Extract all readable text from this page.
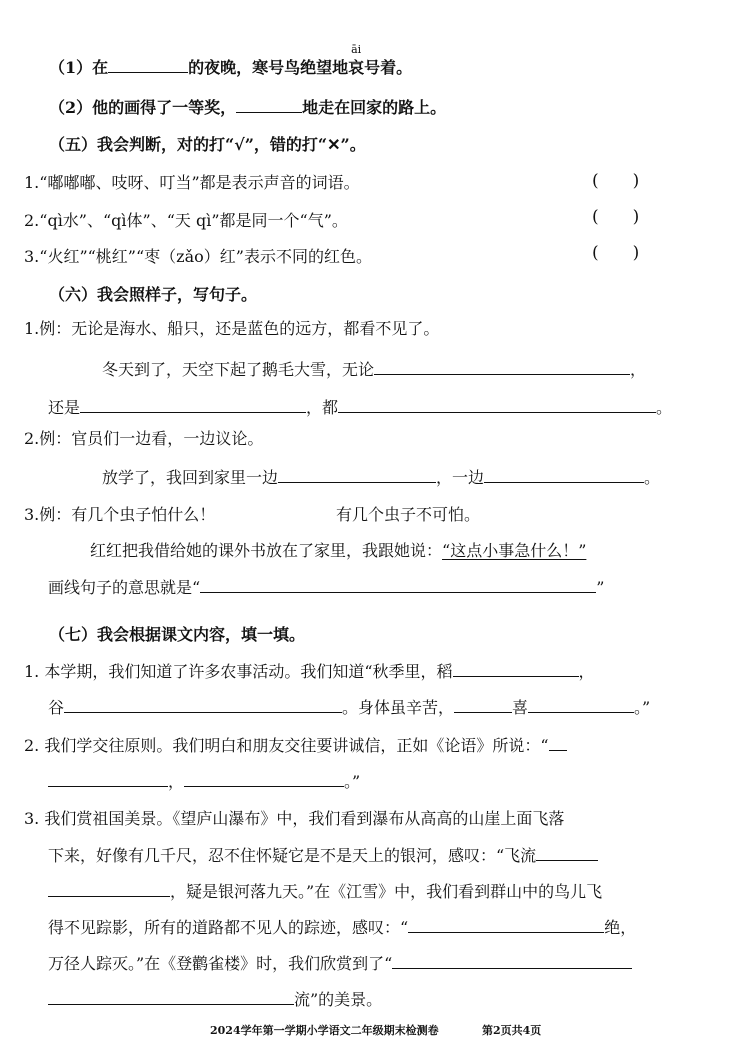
（1）在	的夜晚，寒号鸟绝望地哀
āi
号着。
（2）他的画得了一等奖，	地走在回家的路上。
（五）我会判断，对的打“√”，错的打“✕”。
1.“嘟嘟嘟、吱呀、叮当”都是表示声音的词语。	(　　)
2.“qì水”、“qì体”、“天 qì”都是同一个“气”。	(　　)
3.“火红”“桃红”“枣（zǎo）红”表示不同的红色。	(　　)
（六）我会照样子，写句子。
1.例：无论是海水、船只，还是蓝色的远方，都看不见了。
冬天到了，天空下起了鹅毛大雪，无论	，
还是	，都	。
2.例：官员们一边看，一边议论。
放学了，我回到家里一边	，一边	。
3.例：有几个虫子怕什么！	有几个虫子不可怕。
红红把我借给她的课外书放在了家里，我跟她说：“这点小事急什么！”
画线句子的意思就是“	”
（七）我会根据课文内容，填一填。
1. 本学期，我们知道了许多农事活动。我们知道“秋季里，稻	，
谷	。身体虽辛苦，	喜	。”
2. 我们学交往原则。我们明白和朋友交往要讲诚信，正如《论语》所说：“
，	。”
3. 我们赏祖国美景。《望庐山瀑布》中，我们看到瀑布从高高的山崖上面飞落
下来，好像有几千尺，忍不住怀疑它是不是天上的银河，感叹：“飞流
，疑是银河落九天。”在《江雪》中，我们看到群山中的鸟儿飞
得不见踪影，所有的道路都不见人的踪迹，感叹：“	绝，
万径人踪灭。”在《登鹳雀楼》时，我们欣赏到了“
流”的美景。
2024学年第一学期小学语文二年级期末检测卷	第2页共4页
